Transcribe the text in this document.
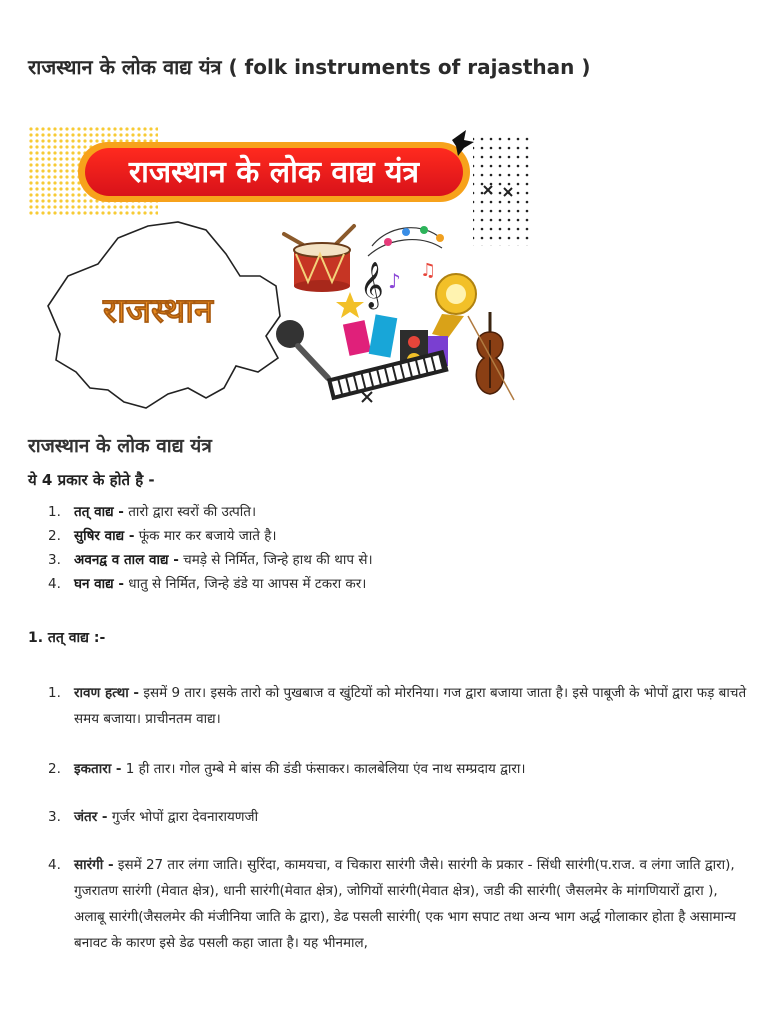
राजस्थान के लोक वाद्य यंत्र ( folk instruments of rajasthan )
राजस्थान के लोक वाद्य यंत्र
राजस्थान
𝄞 ♪ ♫
राजस्थान के लोक वाद्य यंत्र

ये 4 प्रकार के होते है -

1. तत् वाद्य - तारो द्वारा स्वरों की उत्पति।
2. सुषिर वाद्य - फूंक मार कर बजाये जाते है।
3. अवनद्व व ताल वाद्य - चमड़े से निर्मित, जिन्हे हाथ की थाप से।
4. घन वाद्य - धातु से निर्मित, जिन्हे डंडे या आपस में टकरा कर।

1. तत् वाद्य :-

1. रावण हत्था - इसमें 9 तार। इसके तारो को पुखबाज व खुंटियों को मोरनिया। गज द्वारा बजाया जाता है। इसे पाबूजी के भोपों द्वारा फड़ बाचते समय बजाया। प्राचीनतम वाद्य।
2. इकतारा - 1 ही तार। गोल तुम्बे मे बांस की डंडी फंसाकर। कालबेलिया एंव नाथ सम्प्रदाय द्वारा।
3. जंतर - गुर्जर भोपों द्वारा देवनारायणजी
4. सारंगी - इसमें 27 तार लंगा जाति। सुरिंदा, कामयचा, व चिकारा सारंगी जैसे। सारंगी के प्रकार - सिंधी सारंगी(प.राज. व लंगा जाति द्वारा), गुजरातण सारंगी (मेवात क्षेत्र), धानी सारंगी(मेवात क्षेत्र), जोगियों सारंगी(मेवात क्षेत्र), जडी की सारंगी( जैसलमेर के मांगणियारों द्वारा ), अलाबू सारंगी(जैसलमेर की मंजीनिया जाति के द्वारा), डेढ पसली सारंगी( एक भाग सपाट तथा अन्य भाग अर्द्ध गोलाकार होता है असामान्य बनावट के कारण इसे डेढ पसली कहा जाता है। यह भीनमाल,
